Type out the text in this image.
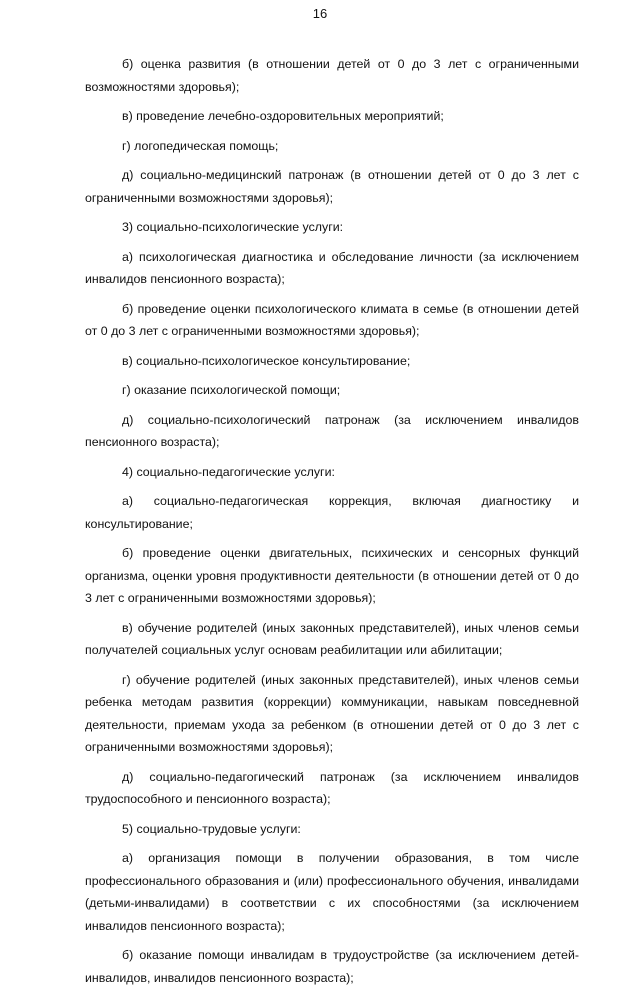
16

б) оценка развития (в отношении детей от 0 до 3 лет с ограниченными возможностями здоровья);

в) проведение лечебно-оздоровительных мероприятий;

г) логопедическая помощь;

д) социально-медицинский патронаж (в отношении детей от 0 до 3 лет с ограниченными возможностями здоровья);

3) социально-психологические услуги:

а) психологическая диагностика и обследование личности (за исключением инвалидов пенсионного возраста);

б) проведение оценки психологического климата в семье (в отношении детей от 0 до 3 лет с ограниченными возможностями здоровья);

в) социально-психологическое консультирование;

г) оказание психологической помощи;

д) социально-психологический патронаж (за исключением инвалидов пенсионного возраста);

4) социально-педагогические услуги:

а) социально-педагогическая коррекция, включая диагностику и консультирование;

б) проведение оценки двигательных, психических и сенсорных функций организма, оценки уровня продуктивности деятельности (в отношении детей от 0 до 3 лет с ограниченными возможностями здоровья);

в) обучение родителей (иных законных представителей), иных членов семьи получателей социальных услуг основам реабилитации или абилитации;

г) обучение родителей (иных законных представителей), иных членов семьи ребенка методам развития (коррекции) коммуникации, навыкам повседневной деятельности, приемам ухода за ребенком (в отношении детей от 0 до 3 лет с ограниченными возможностями здоровья);

д) социально-педагогический патронаж (за исключением инвалидов трудоспособного и пенсионного возраста);

5) социально-трудовые услуги:

а) организация помощи в получении образования, в том числе профессионального образования и (или) профессионального обучения, инвалидами (детьми-инвалидами) в соответствии с их способностями (за исключением инвалидов пенсионного возраста);

б) оказание помощи инвалидам в трудоустройстве (за исключением детей-инвалидов, инвалидов пенсионного возраста);
